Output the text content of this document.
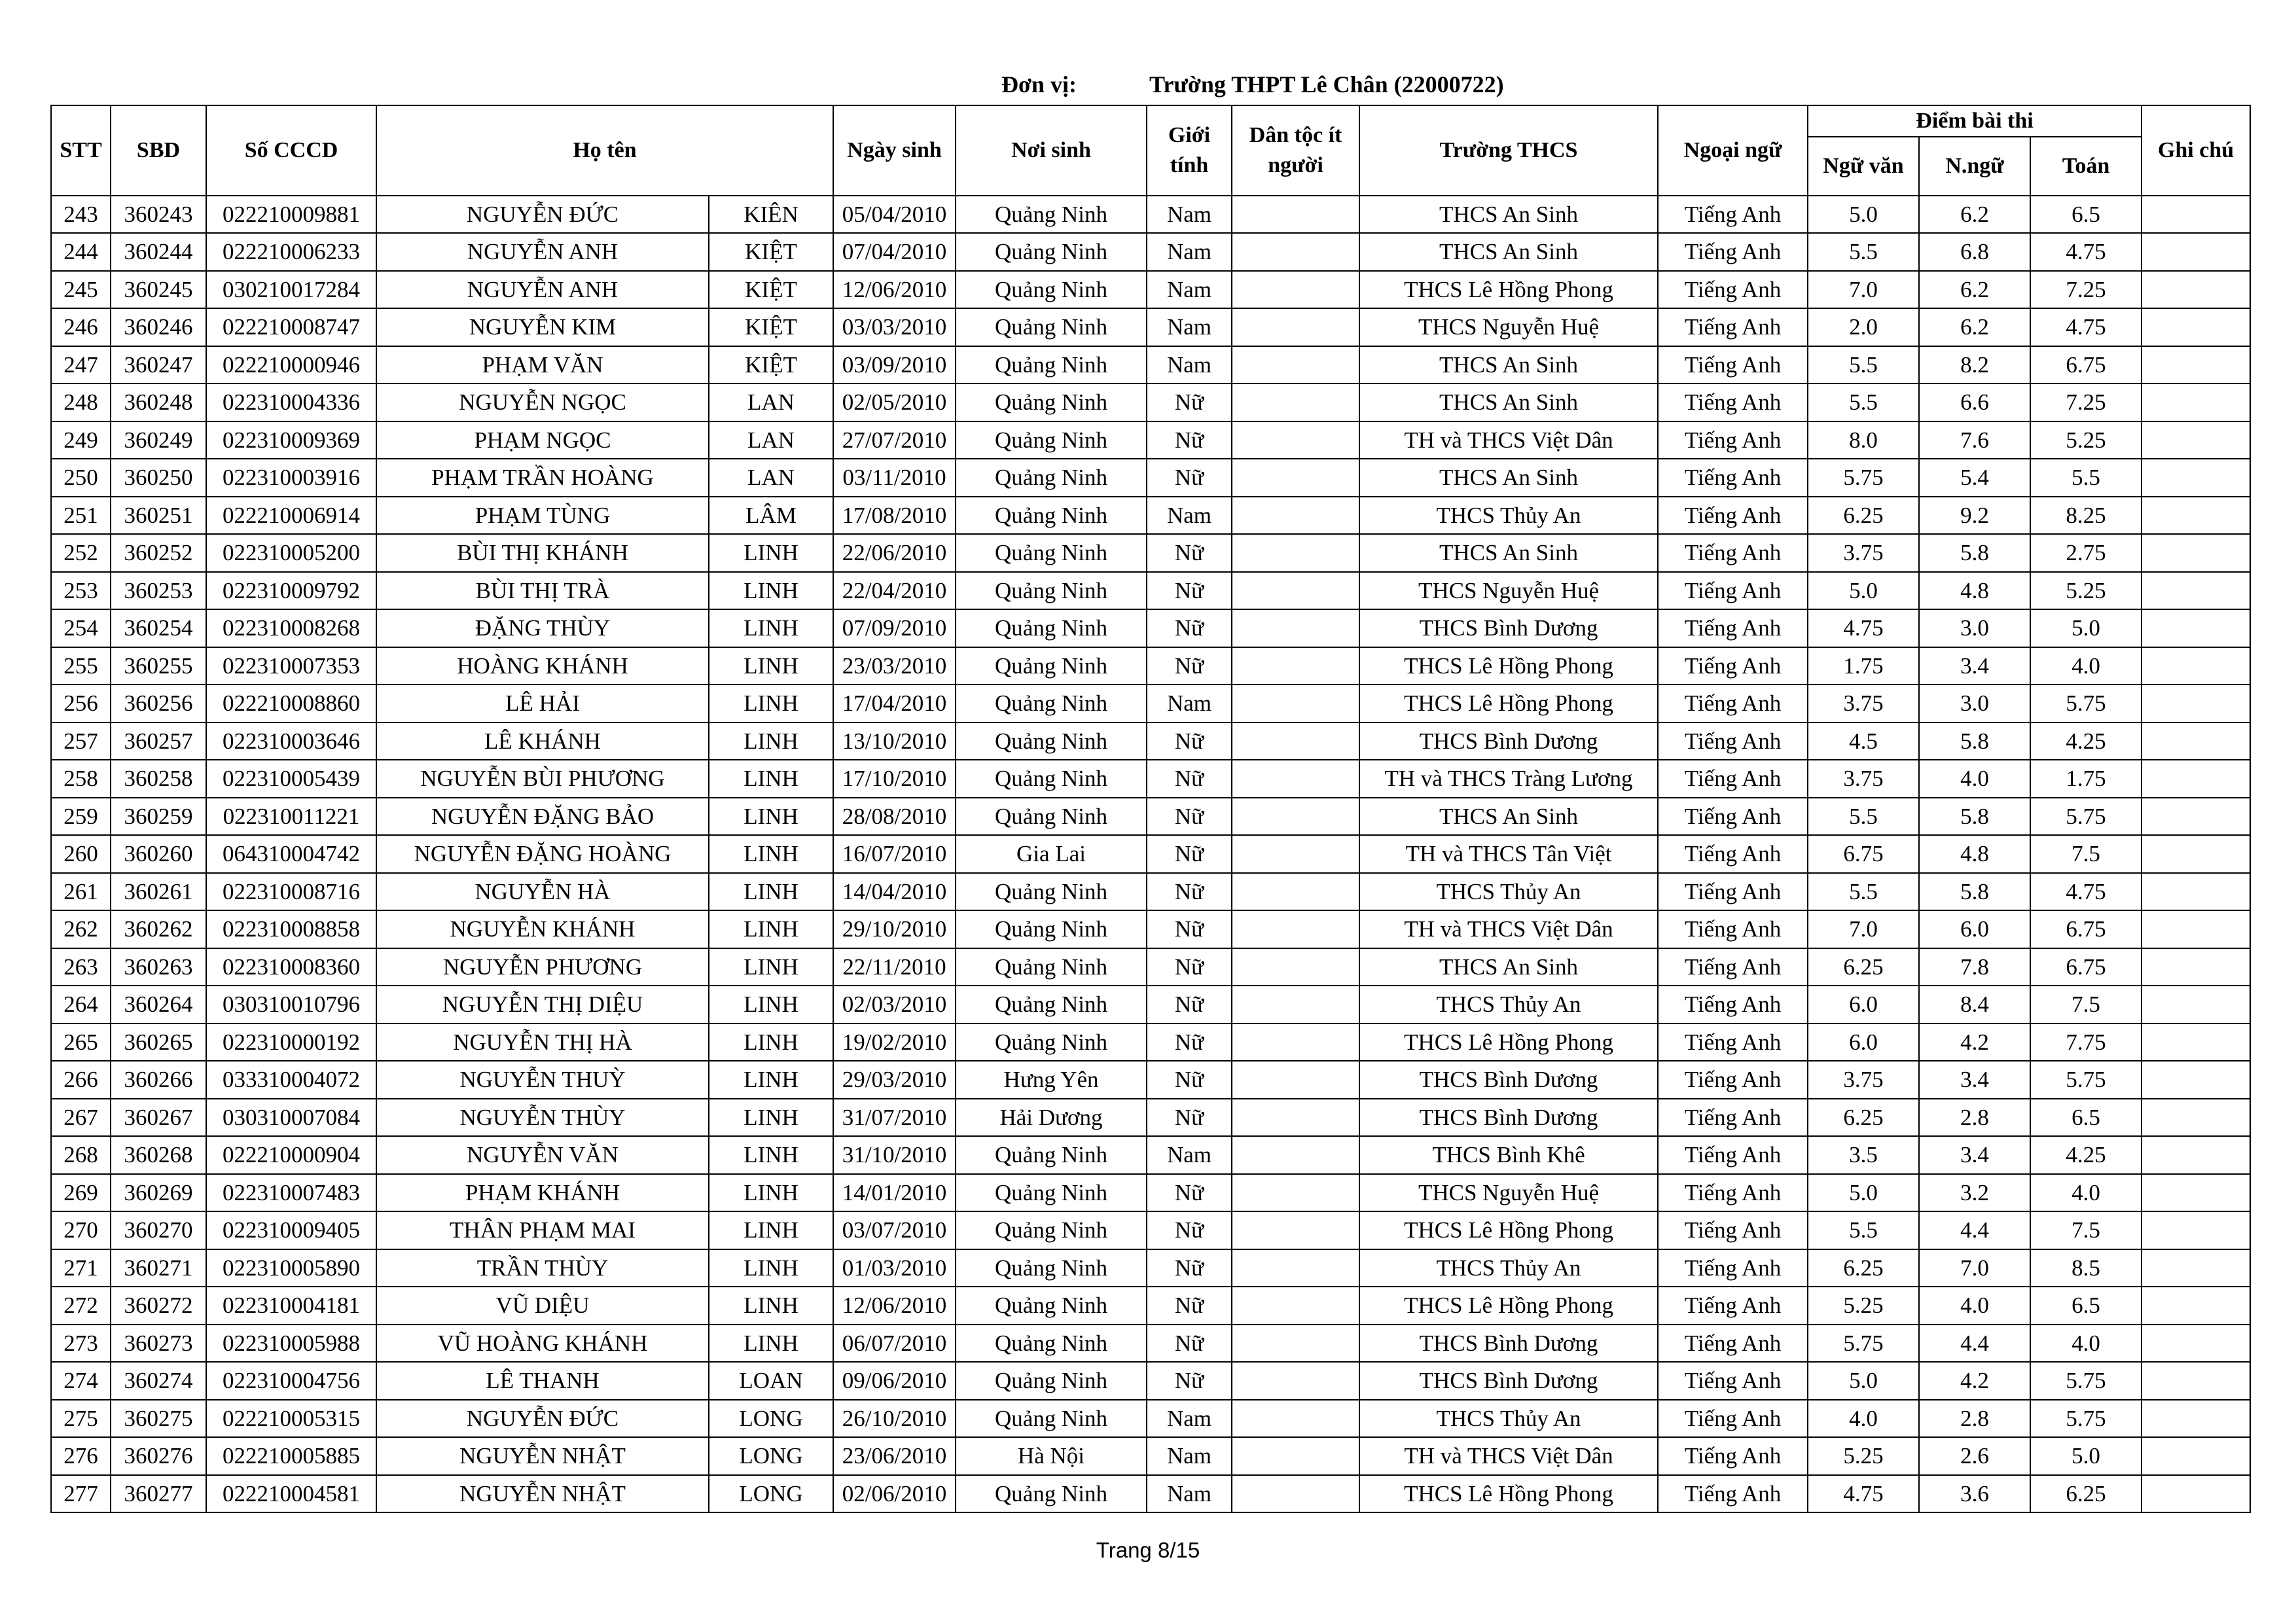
Đơn vị:	Trường THPT Lê Chân (22000722)
STT	SBD	Số CCCD	Họ tên		Ngày sinh	Nơi sinh	Giới tính	Dân tộc ít người	Trường THCS	Ngoại ngữ	Điểm bài thi			Ghi chú
											Ngữ văn	N.ngữ	Toán	
243	360243	022210009881	NGUYỄN ĐỨC	KIÊN	05/04/2010	Quảng Ninh	Nam		THCS An Sinh	Tiếng Anh	5.0	6.2	6.5	
244	360244	022210006233	NGUYỄN ANH	KIỆT	07/04/2010	Quảng Ninh	Nam		THCS An Sinh	Tiếng Anh	5.5	6.8	4.75	
245	360245	030210017284	NGUYỄN ANH	KIỆT	12/06/2010	Quảng Ninh	Nam		THCS Lê Hồng Phong	Tiếng Anh	7.0	6.2	7.25	
246	360246	022210008747	NGUYỄN KIM	KIỆT	03/03/2010	Quảng Ninh	Nam		THCS Nguyễn Huệ	Tiếng Anh	2.0	6.2	4.75	
247	360247	022210000946	PHẠM VĂN	KIỆT	03/09/2010	Quảng Ninh	Nam		THCS An Sinh	Tiếng Anh	5.5	8.2	6.75	
248	360248	022310004336	NGUYỄN NGỌC	LAN	02/05/2010	Quảng Ninh	Nữ		THCS An Sinh	Tiếng Anh	5.5	6.6	7.25	
249	360249	022310009369	PHẠM NGỌC	LAN	27/07/2010	Quảng Ninh	Nữ		TH và THCS Việt Dân	Tiếng Anh	8.0	7.6	5.25	
250	360250	022310003916	PHẠM TRẦN HOÀNG	LAN	03/11/2010	Quảng Ninh	Nữ		THCS An Sinh	Tiếng Anh	5.75	5.4	5.5	
251	360251	022210006914	PHẠM TÙNG	LÂM	17/08/2010	Quảng Ninh	Nam		THCS Thủy An	Tiếng Anh	6.25	9.2	8.25	
252	360252	022310005200	BÙI THỊ KHÁNH	LINH	22/06/2010	Quảng Ninh	Nữ		THCS An Sinh	Tiếng Anh	3.75	5.8	2.75	
253	360253	022310009792	BÙI THỊ TRÀ	LINH	22/04/2010	Quảng Ninh	Nữ		THCS Nguyễn Huệ	Tiếng Anh	5.0	4.8	5.25	
254	360254	022310008268	ĐẶNG THÙY	LINH	07/09/2010	Quảng Ninh	Nữ		THCS Bình Dương	Tiếng Anh	4.75	3.0	5.0	
255	360255	022310007353	HOÀNG KHÁNH	LINH	23/03/2010	Quảng Ninh	Nữ		THCS Lê Hồng Phong	Tiếng Anh	1.75	3.4	4.0	
256	360256	022210008860	LÊ HẢI	LINH	17/04/2010	Quảng Ninh	Nam		THCS Lê Hồng Phong	Tiếng Anh	3.75	3.0	5.75	
257	360257	022310003646	LÊ KHÁNH	LINH	13/10/2010	Quảng Ninh	Nữ		THCS Bình Dương	Tiếng Anh	4.5	5.8	4.25	
258	360258	022310005439	NGUYỄN BÙI PHƯƠNG	LINH	17/10/2010	Quảng Ninh	Nữ		TH và THCS Tràng Lương	Tiếng Anh	3.75	4.0	1.75	
259	360259	022310011221	NGUYỄN ĐẶNG BẢO	LINH	28/08/2010	Quảng Ninh	Nữ		THCS An Sinh	Tiếng Anh	5.5	5.8	5.75	
260	360260	064310004742	NGUYỄN ĐẶNG HOÀNG	LINH	16/07/2010	Gia Lai	Nữ		TH và THCS Tân Việt	Tiếng Anh	6.75	4.8	7.5	
261	360261	022310008716	NGUYỄN HÀ	LINH	14/04/2010	Quảng Ninh	Nữ		THCS Thủy An	Tiếng Anh	5.5	5.8	4.75	
262	360262	022310008858	NGUYỄN KHÁNH	LINH	29/10/2010	Quảng Ninh	Nữ		TH và THCS Việt Dân	Tiếng Anh	7.0	6.0	6.75	
263	360263	022310008360	NGUYỄN PHƯƠNG	LINH	22/11/2010	Quảng Ninh	Nữ		THCS An Sinh	Tiếng Anh	6.25	7.8	6.75	
264	360264	030310010796	NGUYỄN THỊ DIỆU	LINH	02/03/2010	Quảng Ninh	Nữ		THCS Thủy An	Tiếng Anh	6.0	8.4	7.5	
265	360265	022310000192	NGUYỄN THỊ HÀ	LINH	19/02/2010	Quảng Ninh	Nữ		THCS Lê Hồng Phong	Tiếng Anh	6.0	4.2	7.75	
266	360266	033310004072	NGUYỄN THUỲ	LINH	29/03/2010	Hưng Yên	Nữ		THCS Bình Dương	Tiếng Anh	3.75	3.4	5.75	
267	360267	030310007084	NGUYỄN THÙY	LINH	31/07/2010	Hải Dương	Nữ		THCS Bình Dương	Tiếng Anh	6.25	2.8	6.5	
268	360268	022210000904	NGUYỄN VĂN	LINH	31/10/2010	Quảng Ninh	Nam		THCS Bình Khê	Tiếng Anh	3.5	3.4	4.25	
269	360269	022310007483	PHẠM KHÁNH	LINH	14/01/2010	Quảng Ninh	Nữ		THCS Nguyễn Huệ	Tiếng Anh	5.0	3.2	4.0	
270	360270	022310009405	THÂN PHẠM MAI	LINH	03/07/2010	Quảng Ninh	Nữ		THCS Lê Hồng Phong	Tiếng Anh	5.5	4.4	7.5	
271	360271	022310005890	TRẦN THÙY	LINH	01/03/2010	Quảng Ninh	Nữ		THCS Thủy An	Tiếng Anh	6.25	7.0	8.5	
272	360272	022310004181	VŨ DIỆU	LINH	12/06/2010	Quảng Ninh	Nữ		THCS Lê Hồng Phong	Tiếng Anh	5.25	4.0	6.5	
273	360273	022310005988	VŨ HOÀNG KHÁNH	LINH	06/07/2010	Quảng Ninh	Nữ		THCS Bình Dương	Tiếng Anh	5.75	4.4	4.0	
274	360274	022310004756	LÊ THANH	LOAN	09/06/2010	Quảng Ninh	Nữ		THCS Bình Dương	Tiếng Anh	5.0	4.2	5.75	
275	360275	022210005315	NGUYỄN ĐỨC	LONG	26/10/2010	Quảng Ninh	Nam		THCS Thủy An	Tiếng Anh	4.0	2.8	5.75	
276	360276	022210005885	NGUYỄN NHẬT	LONG	23/06/2010	Hà Nội	Nam		TH và THCS Việt Dân	Tiếng Anh	5.25	2.6	5.0	
277	360277	022210004581	NGUYỄN NHẬT	LONG	02/06/2010	Quảng Ninh	Nam		THCS Lê Hồng Phong	Tiếng Anh	4.75	3.6	6.25	
Trang 8/15
